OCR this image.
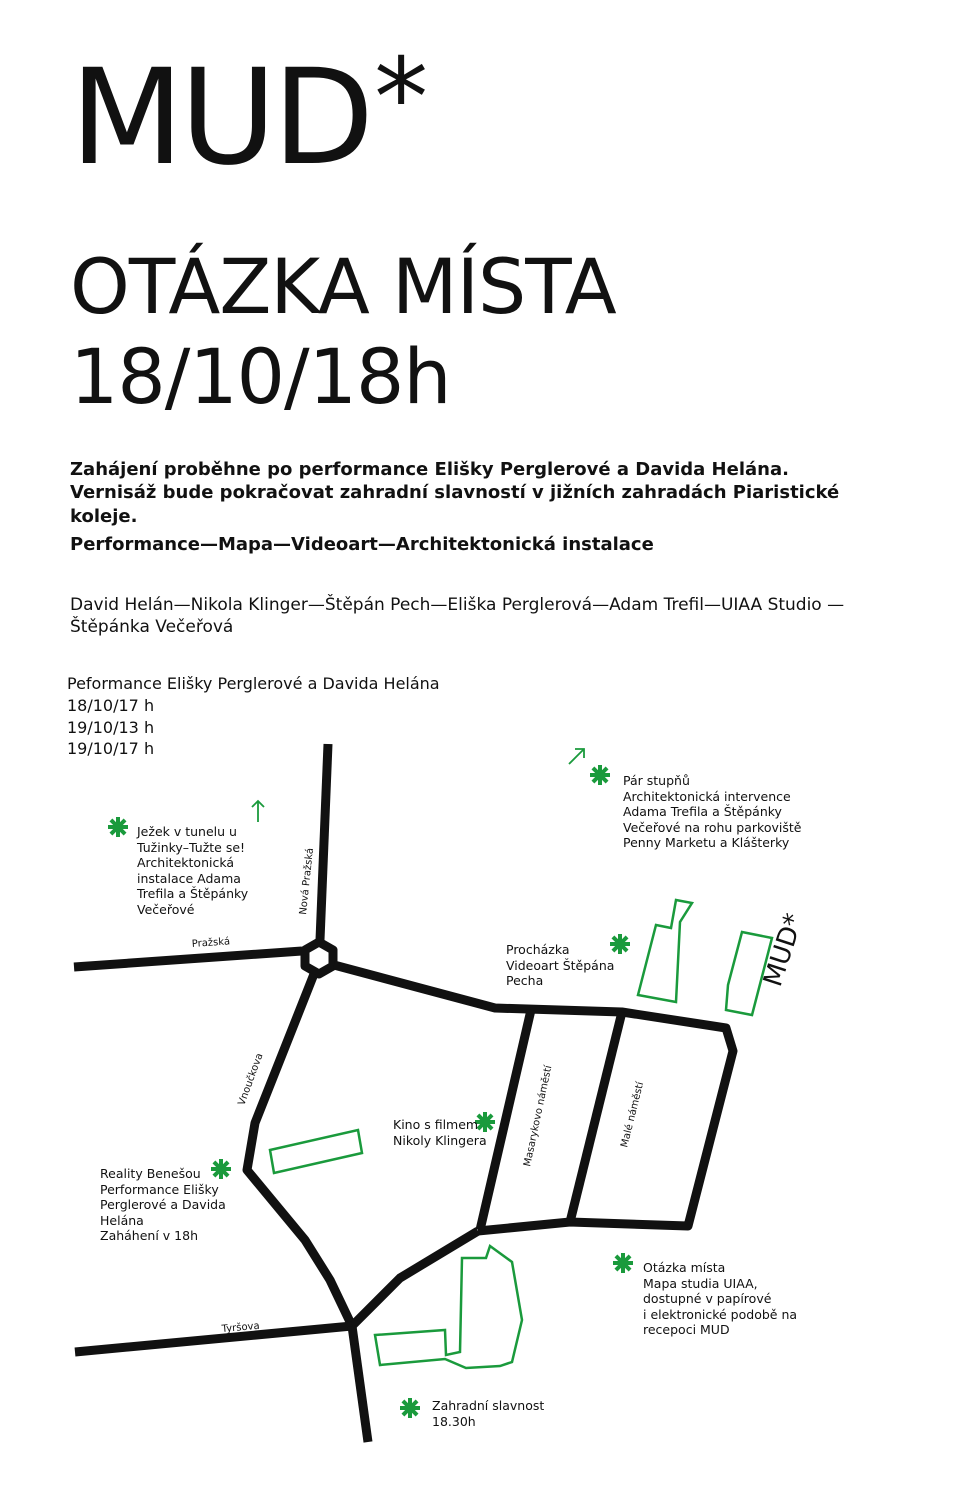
MUD*
OTÁZKA MÍSTA
18/10/18h

Zahájení proběhne po performance Elišky Perglerové a Davida Helána. Vernisáž bude pokračovat zahradní slavností v jižních zahradách Piaristické koleje.

Performance—Mapa—Videoart—Architektonická instalace

David Helán—Nikola Klinger—Štěpán Pech—Eliška Perglerová—Adam Trefil—UIAA Studio —Štěpánka Večeřová

Peformance Elišky Perglerové a Davida Helána
18/10/17 h
19/10/13 h
19/10/17 h
Nová Pražská
Pražská
Vnoučkova	Masarykovo náměstí	Malé náměstí
Tyršova
MUD*
Ježek v tunelu u
Tužinky–Tužte se!
Architektonická
instalace Adama
Trefila a Štěpánky
Večeřové
Pár stupňů
Architektonická intervence
Adama Trefila a Štěpánky
Večeřové na rohu parkoviště
Penny Marketu a Klášterky
Procházka
Videoart Štěpána
Pecha
Kino s filmem
Nikoly Klingera
Reality Benešou
Performance Elišky
Perglerové a Davida
Helána
Zaháhení v 18h
Otázka místa
Mapa studia UIAA,
dostupné v papírové
i elektronické podobě na
recepoci MUD
Zahradní slavnost
18.30h
